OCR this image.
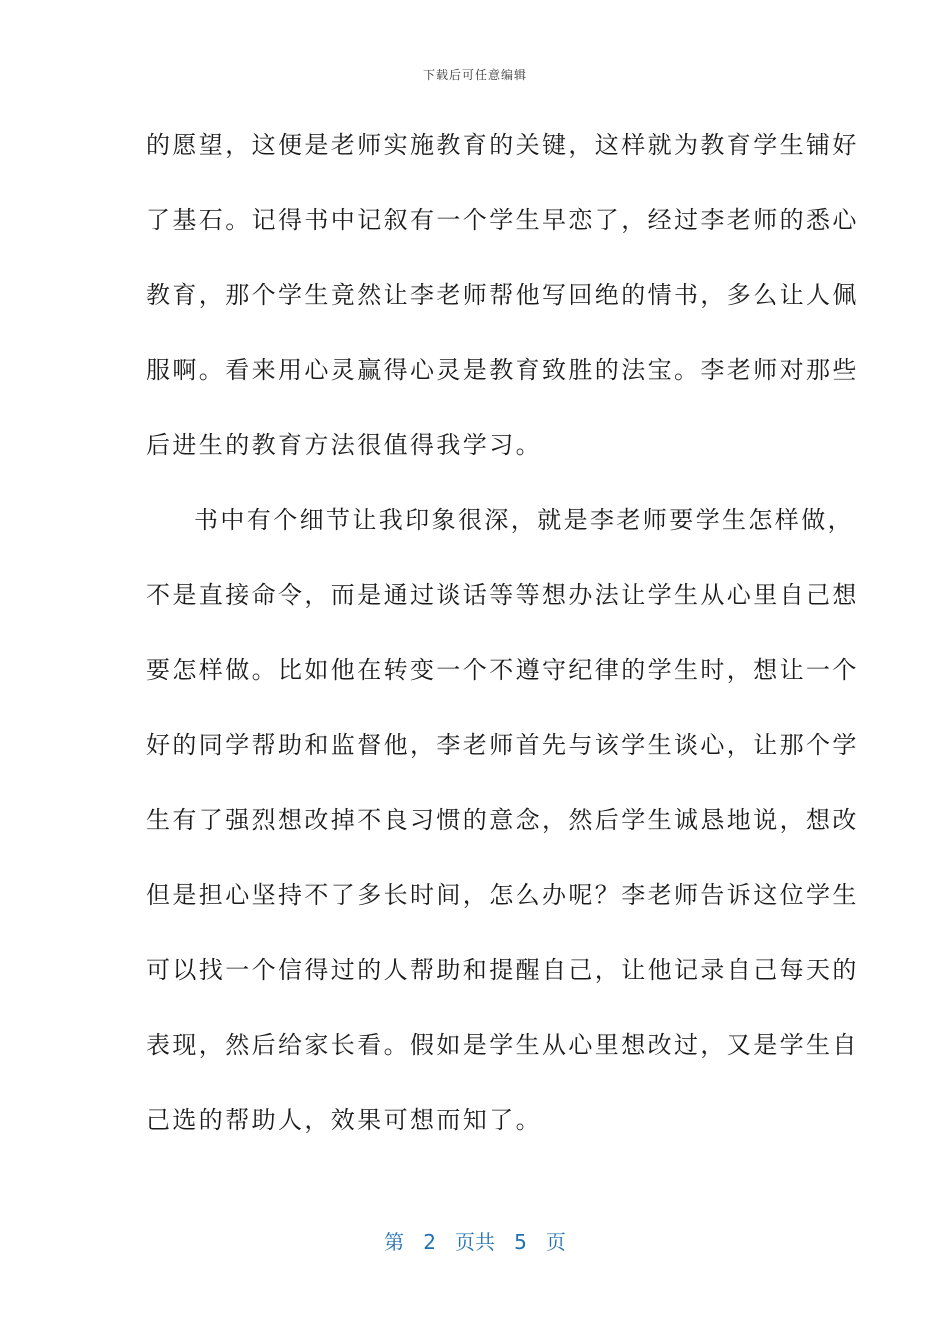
下载后可任意编辑
的愿望，这便是老师实施教育的关键，这样就为教育学生铺好
了基石。记得书中记叙有一个学生早恋了，经过李老师的悉心
教育，那个学生竟然让李老师帮他写回绝的情书，多么让人佩
服啊。看来用心灵赢得心灵是教育致胜的法宝。李老师对那些
后进生的教育方法很值得我学习。
书中有个细节让我印象很深，就是李老师要学生怎样做，
不是直接命令，而是通过谈话等等想办法让学生从心里自己想
要怎样做。比如他在转变一个不遵守纪律的学生时，想让一个
好的同学帮助和监督他，李老师首先与该学生谈心，让那个学
生有了强烈想改掉不良习惯的意念，然后学生诚恳地说，想改
但是担心坚持不了多长时间，怎么办呢？李老师告诉这位学生
可以找一个信得过的人帮助和提醒自己，让他记录自己每天的
表现，然后给家长看。假如是学生从心里想改过，又是学生自
己选的帮助人，效果可想而知了。
第 2 页共 5 页
